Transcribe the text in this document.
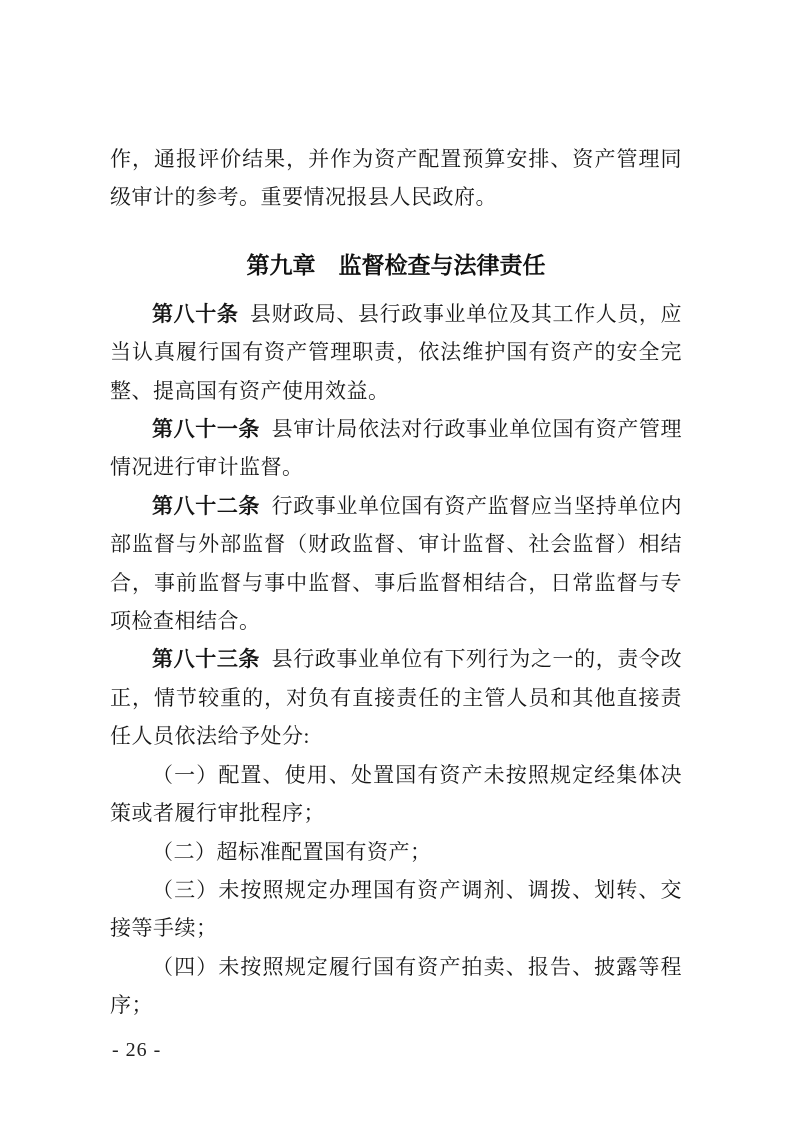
作，通报评价结果，并作为资产配置预算安排、资产管理同级审计的参考。重要情况报县人民政府。

第九章 监督检查与法律责任

第八十条 县财政局、县行政事业单位及其工作人员，应当认真履行国有资产管理职责，依法维护国有资产的安全完整、提高国有资产使用效益。

第八十一条 县审计局依法对行政事业单位国有资产管理情况进行审计监督。

第八十二条 行政事业单位国有资产监督应当坚持单位内部监督与外部监督（财政监督、审计监督、社会监督）相结合，事前监督与事中监督、事后监督相结合，日常监督与专项检查相结合。

第八十三条 县行政事业单位有下列行为之一的，责令改正，情节较重的，对负有直接责任的主管人员和其他直接责任人员依法给予处分:

（一）配置、使用、处置国有资产未按照规定经集体决策或者履行审批程序；

（二）超标准配置国有资产；

（三）未按照规定办理国有资产调剂、调拨、划转、交接等手续；

（四）未按照规定履行国有资产拍卖、报告、披露等程序；

- 26 -
